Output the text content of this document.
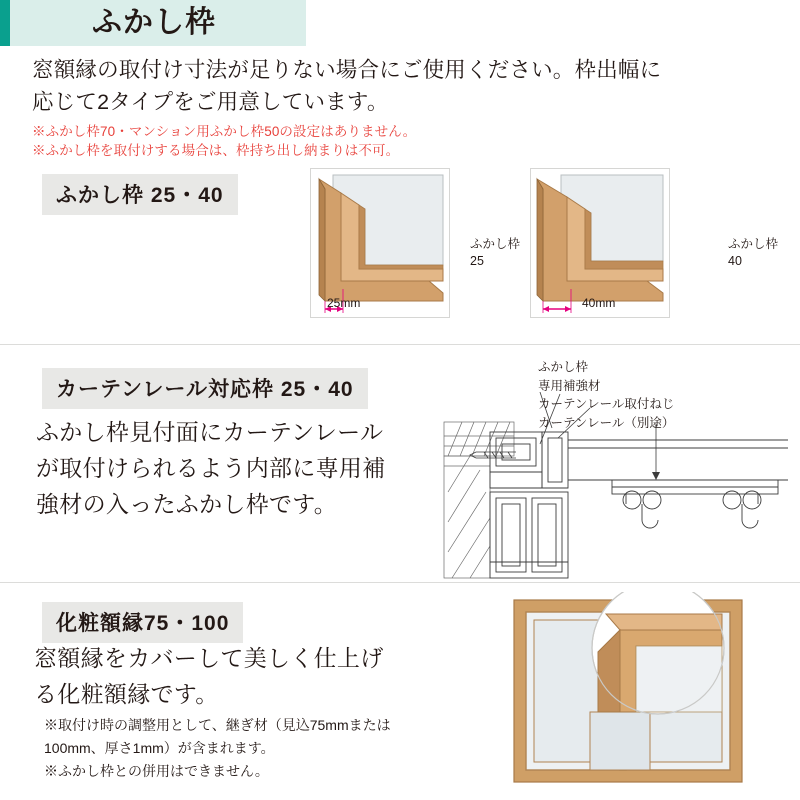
ふかし枠
窓額縁の取付け寸法が足りない場合にご使用ください。枠出幅に
応じて2タイプをご用意しています。
※ふかし枠70・マンション用ふかし枠50の設定はありません。
※ふかし枠を取付けする場合は、枠持ち出し納まりは不可。
ふかし枠 25・40
ふかし枠
25
25mm
ふかし枠
40
40mm
カーテンレール対応枠 25・40
ふかし枠見付面にカーテンレール
が取付けられるよう内部に専用補
強材の入ったふかし枠です。
ふかし枠
専用補強材
カーテンレール取付ねじ
カーテンレール（別途）
化粧額縁75・100
窓額縁をカバーして美しく仕上げ
る化粧額縁です。
※取付け時の調整用として、継ぎ材（見込75mmまたは
100mm、厚さ1mm）が含まれます。
※ふかし枠との併用はできません。
